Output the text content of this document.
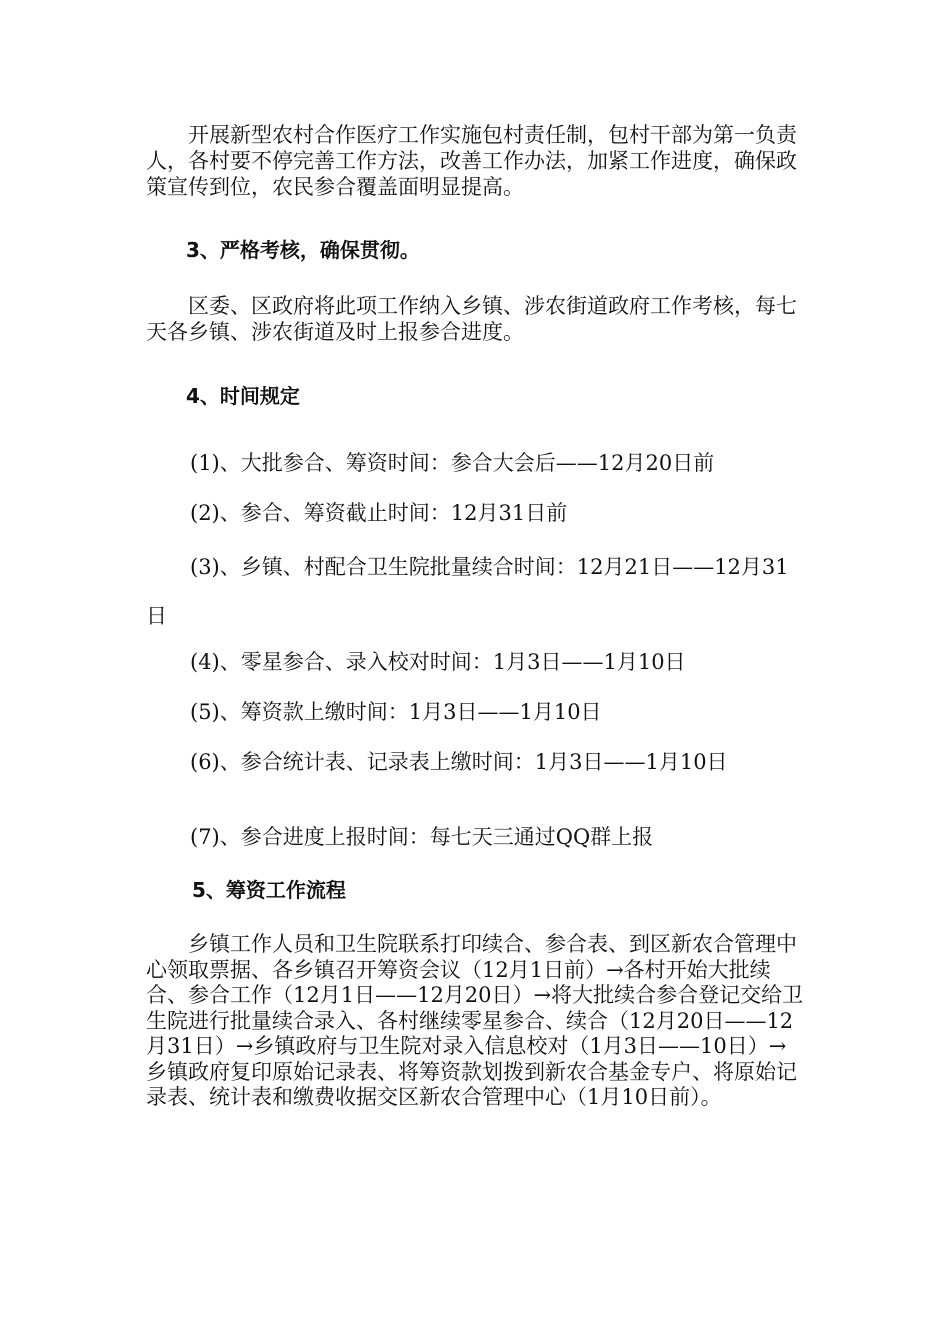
开展新型农村合作医疗工作实施包村责任制，包村干部为第一负责人，各村要不停完善工作方法，改善工作办法，加紧工作进度，确保政策宣传到位，农民参合覆盖面明显提高。
3、严格考核，确保贯彻。
区委、区政府将此项工作纳入乡镇、涉农街道政府工作考核，每七天各乡镇、涉农街道及时上报参合进度。
4、时间规定
(1)、大批参合、筹资时间：参合大会后——12月20日前
(2)、参合、筹资截止时间：12月31日前
(3)、乡镇、村配合卫生院批量续合时间：12月21日——12月31日
(4)、零星参合、录入校对时间：1月3日——1月10日
(5)、筹资款上缴时间：1月3日——1月10日
(6)、参合统计表、记录表上缴时间：1月3日——1月10日
(7)、参合进度上报时间：每七天三通过QQ群上报
5、筹资工作流程
乡镇工作人员和卫生院联系打印续合、参合表、到区新农合管理中心领取票据、各乡镇召开筹资会议（12月1日前）→各村开始大批续合、参合工作（12月1日——12月20日）→将大批续合参合登记交给卫生院进行批量续合录入、各村继续零星参合、续合（12月20日——12月31日）→乡镇政府与卫生院对录入信息校对（1月3日——10日）→乡镇政府复印原始记录表、将筹资款划拨到新农合基金专户、将原始记录表、统计表和缴费收据交区新农合管理中心（1月10日前）。
